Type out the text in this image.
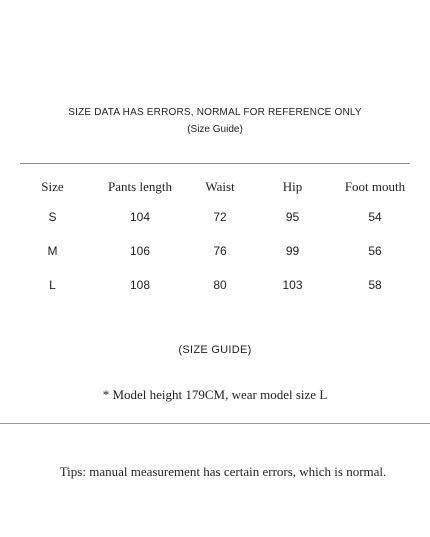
SIZE DATA HAS ERRORS, NORMAL FOR REFERENCE ONLY
(Size Guide)
Size	Pants length	Waist	Hip	Foot mouth
S	104	72	95	54
M	106	76	99	56
L	108	80	103	58
(SIZE GUIDE)
* Model height 179CM, wear model size L
Tips: manual measurement has certain errors, which is normal.
